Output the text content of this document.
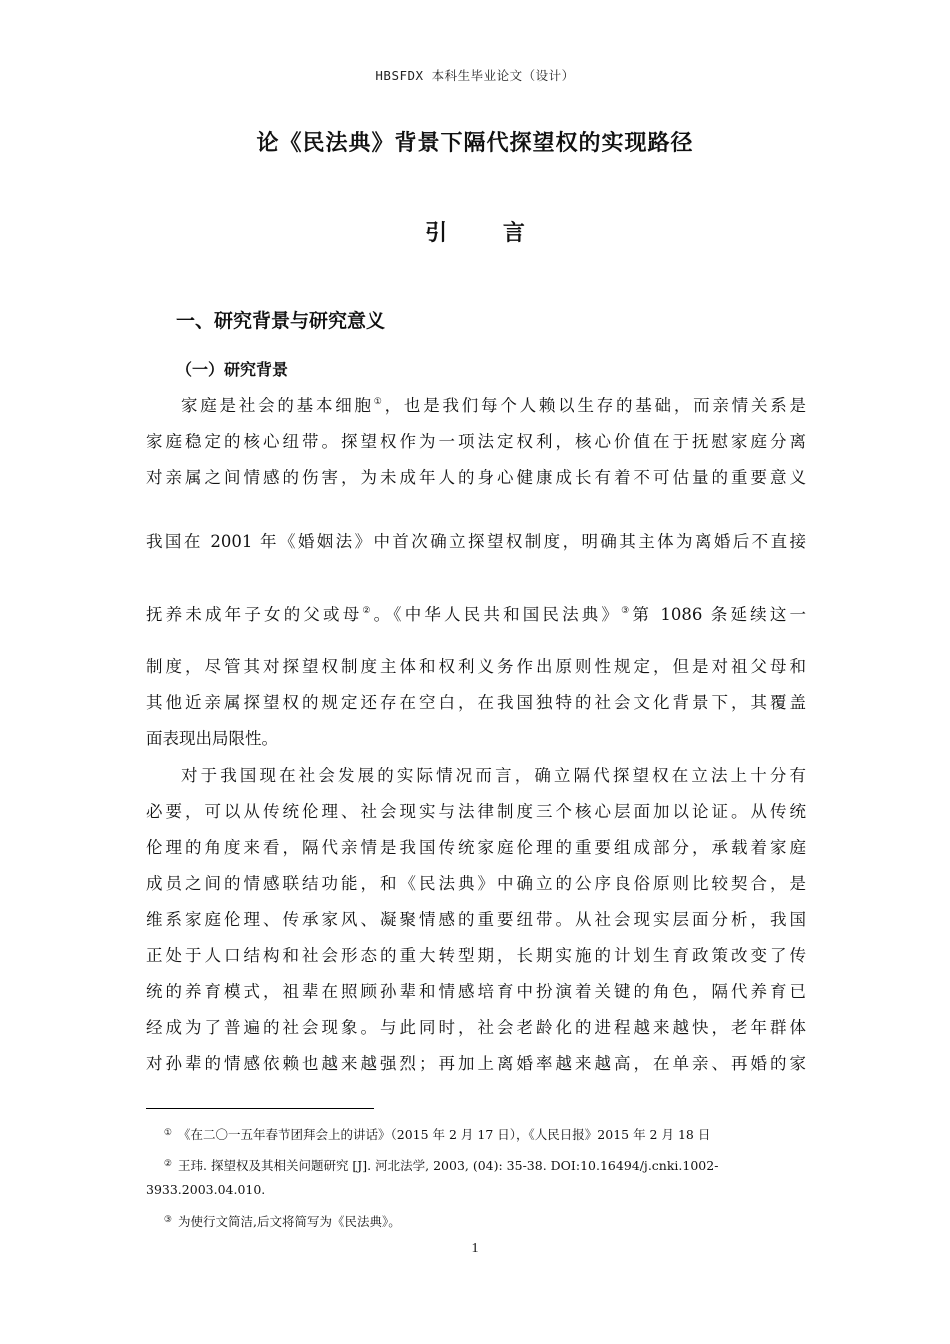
HBSFDX 本科生毕业论文（设计）
论《民法典》背景下隔代探望权的实现路径
引 言
一、研究背景与研究意义
（一）研究背景
家庭是社会的基本细胞①，也是我们每个人赖以生存的基础，而亲情关系是
家庭稳定的核心纽带。探望权作为一项法定权利，核心价值在于抚慰家庭分离
对亲属之间情感的伤害，为未成年人的身心健康成长有着不可估量的重要意义
我国在 2001 年《婚姻法》中首次确立探望权制度，明确其主体为离婚后不直接
抚养未成年子女的父或母②。《中华人民共和国民法典》③第 1086 条延续这一
制度，尽管其对探望权制度主体和权利义务作出原则性规定，但是对祖父母和
其他近亲属探望权的规定还存在空白，在我国独特的社会文化背景下，其覆盖
面表现出局限性。
对于我国现在社会发展的实际情况而言，确立隔代探望权在立法上十分有
必要，可以从传统伦理、社会现实与法律制度三个核心层面加以论证。从传统
伦理的角度来看，隔代亲情是我国传统家庭伦理的重要组成部分，承载着家庭
成员之间的情感联结功能，和《民法典》中确立的公序良俗原则比较契合，是
维系家庭伦理、传承家风、凝聚情感的重要纽带。从社会现实层面分析，我国
正处于人口结构和社会形态的重大转型期，长期实施的计划生育政策改变了传
统的养育模式，祖辈在照顾孙辈和情感培育中扮演着关键的角色，隔代养育已
经成为了普遍的社会现象。与此同时，社会老龄化的进程越来越快，老年群体
对孙辈的情感依赖也越来越强烈；再加上离婚率越来越高，在单亲、再婚的家
① 《在二〇一五年春节团拜会上的讲话》（2015 年 2 月 17 日），《人民日报》2015 年 2 月 18 日
② 王玮. 探望权及其相关问题研究 [J]. 河北法学, 2003, (04): 35-38. DOI:10.16494/j.cnki.1002-
3933.2003.04.010.
③ 为使行文简洁,后文将简写为《民法典》。
1
